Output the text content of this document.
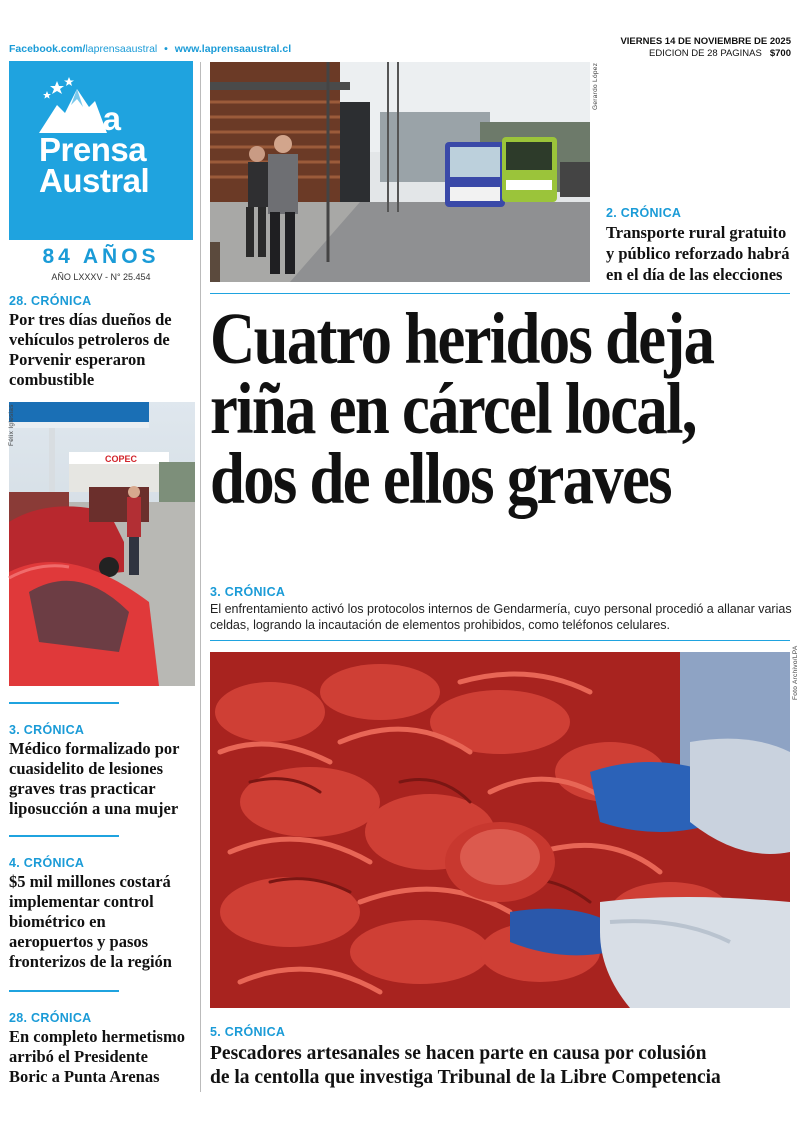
Facebook.com/laprensaaustral • www.laprensaaustral.cl
VIERNES 14 DE NOVIEMBRE DE 2025
EDICION DE 28 PAGINAS $700
La
Prensa
Austral
84 AÑOS
AÑO LXXXV - N° 25.454
28. CRÓNICA
Por tres días dueños de vehículos petroleros de Porvenir esperaron combustible
COPEC
Félix Iglesias
3. CRÓNICA
Médico formalizado por cuasidelito de lesiones graves tras practicar liposucción a una mujer
4. CRÓNICA
$5 mil millones costará implementar control biométrico en aeropuertos y pasos fronterizos de la región
28. CRÓNICA
En completo hermetismo arribó el Presidente Boric a Punta Arenas
Gerardo López
2. CRÓNICA
Transporte rural gratuito y público reforzado habrá en el día de las elecciones
Cuatro heridos deja
riña en cárcel local,
dos de ellos graves
3. CRÓNICA
El enfrentamiento activó los protocolos internos de Gendarmería, cuyo personal procedió a allanar varias celdas, logrando la incautación de elementos prohibidos, como teléfonos celulares.
Foto Archivo/LPA
5. CRÓNICA
Pescadores artesanales se hacen parte en causa por colusión
de la centolla que investiga Tribunal de la Libre Competencia
